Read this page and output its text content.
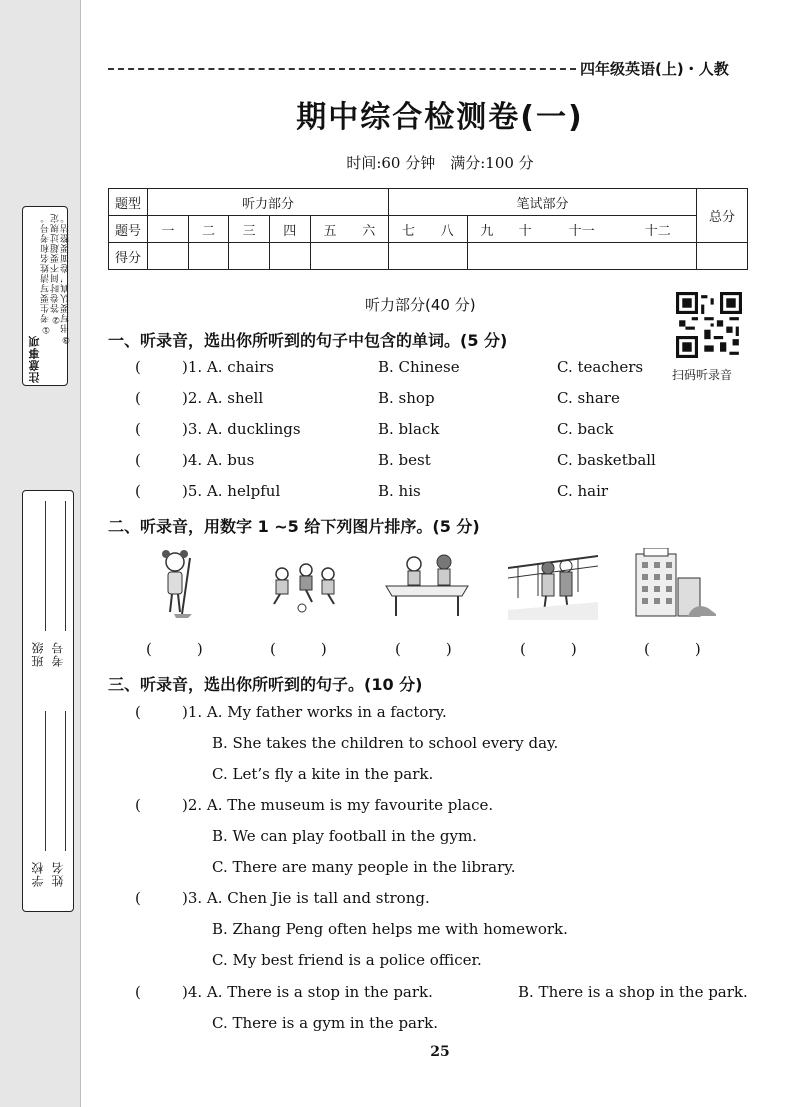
注意事项
①考生要写清姓名和考号。 ②答卷时间不要超过规定 ③书写要认真，卷面要整洁。
学校 姓名
班级 考号
四年级英语(上)・人教
期中综合检测卷(一)
时间:60 分钟　满分:100 分
题型	听力部分						笔试部分						总分
题号	一	二	三	四	五	六	七	八	九	十	十一	十二	
得分													
听力部分(40 分)
扫码听录音
一、听录音，选出你所听到的句子中包含的单词。(5 分)
(	)1. A. chairs	B. Chinese	C. teachers
(	)2. A. shell	B. shop	C. share
(	)3. A. ducklings	B. black	C. back
(	)4. A. bus	B. best	C. basketball
(	)5. A. helpful	B. his	C. hair
二、听录音，用数字 1 ~5 给下列图片排序。(5 分)
(　　　)	(　　　)	(　　　)	(　　　)	(　　　)
三、听录音，选出你所听到的句子。(10 分)
(	)1. A. My father works in a factory.
B. She takes the children to school every day.
C. Let’s fly a kite in the park.
(	)2. A. The museum is my favourite place.
B. We can play football in the gym.
C. There are many people in the library.
(	)3. A. Chen Jie is tall and strong.
B. Zhang Peng often helps me with homework.
C. My best friend is a police officer.
(	)4. A. There is a stop in the park.	B. There is a shop in the park.
C. There is a gym in the park.
25
